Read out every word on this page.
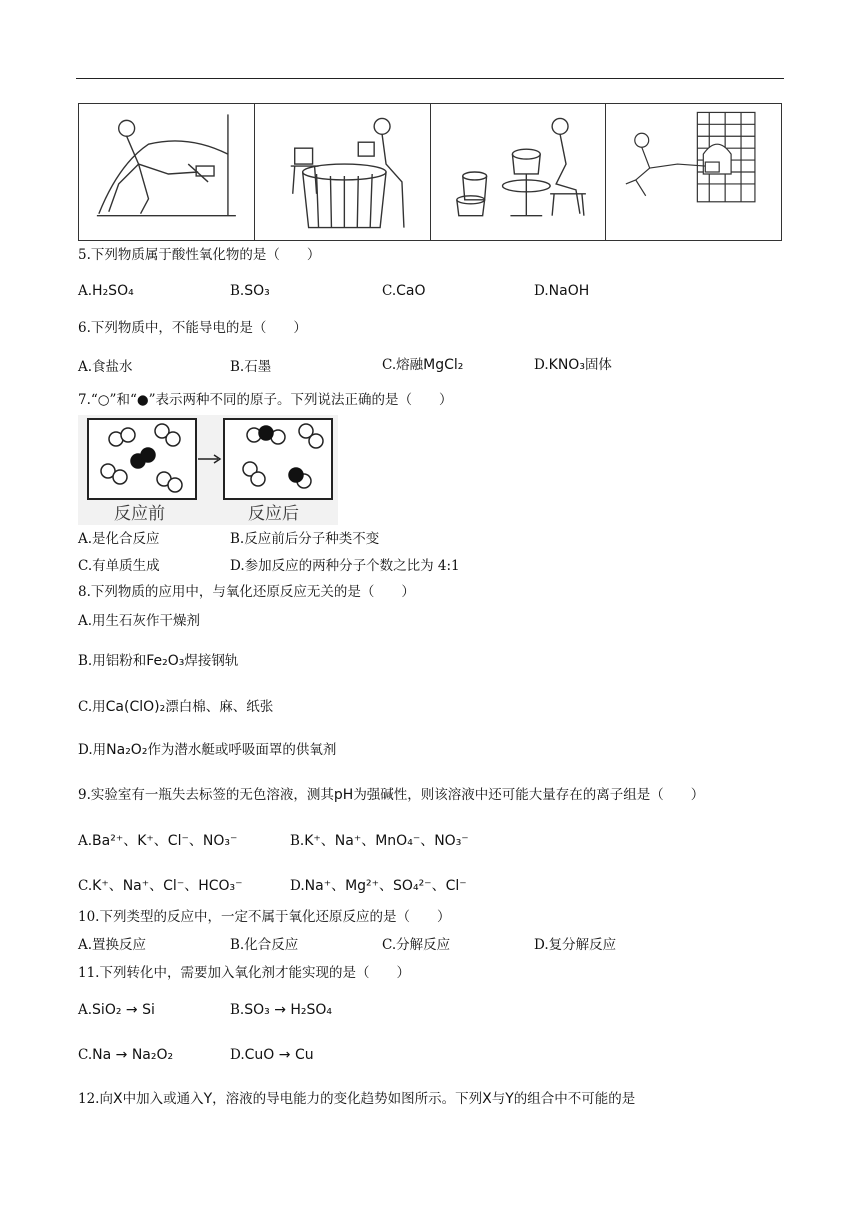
5.下列物质属于酸性氧化物的是（　　）
A.H₂SO₄	B.SO₃	C.CaO	D.NaOH
6.下列物质中，不能导电的是（　　）
A.食盐水	B.石墨	C.熔融MgCl₂	D.KNO₃固体
7.“○”和“●”表示两种不同的原子。下列说法正确的是（　　）
反应前	反应后
A.是化合反应	B.反应前后分子种类不变
C.有单质生成	D.参加反应的两种分子个数之比为 4:1
8.下列物质的应用中，与氧化还原反应无关的是（　　）
A.用生石灰作干燥剂
B.用铝粉和Fe₂O₃焊接钢轨
C.用Ca(ClO)₂漂白棉、麻、纸张
D.用Na₂O₂作为潜水艇或呼吸面罩的供氧剂
9.实验室有一瓶失去标签的无色溶液，测其pH为强碱性，则该溶液中还可能大量存在的离子组是（　　）
A.Ba²⁺、K⁺、Cl⁻、NO₃⁻	B.K⁺、Na⁺、MnO₄⁻、NO₃⁻
C.K⁺、Na⁺、Cl⁻、HCO₃⁻	D.Na⁺、Mg²⁺、SO₄²⁻、Cl⁻
10.下列类型的反应中，一定不属于氧化还原反应的是（　　）
A.置换反应	B.化合反应	C.分解反应	D.复分解反应
11.下列转化中，需要加入氧化剂才能实现的是（　　）
A.SiO₂ → Si	B.SO₃ → H₂SO₄
C.Na → Na₂O₂	D.CuO → Cu
12.向X中加入或通入Y，溶液的导电能力的变化趋势如图所示。下列X与Y的组合中不可能的是
